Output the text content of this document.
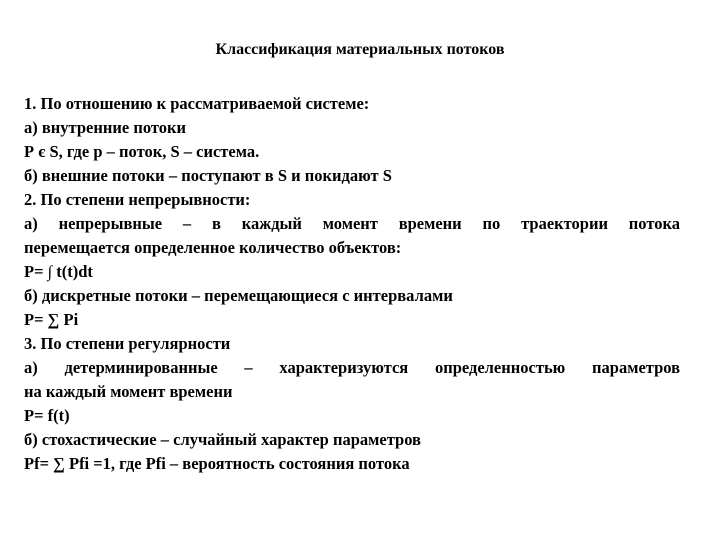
Классификация материальных потоков
1. По отношению к рассматриваемой системе:
а) внутренние потоки
Р є S, где р – поток, S – система.
б) внешние потоки – поступают в S и покидают S
2. По степени непрерывности:
а) непрерывные – в каждый момент времени по траектории потока
перемещается определенное количество объектов:
P= ∫ t(t)dt
б) дискретные потоки – перемещающиеся с интервалами
P= ∑ Pi
3. По степени регулярности
а) детерминированные – характеризуются определенностью параметров
на каждый момент времени
P= f(t)
б) стохастические – случайный характер параметров
Pf= ∑ Pfi =1, где Pfi – вероятность состояния потока
